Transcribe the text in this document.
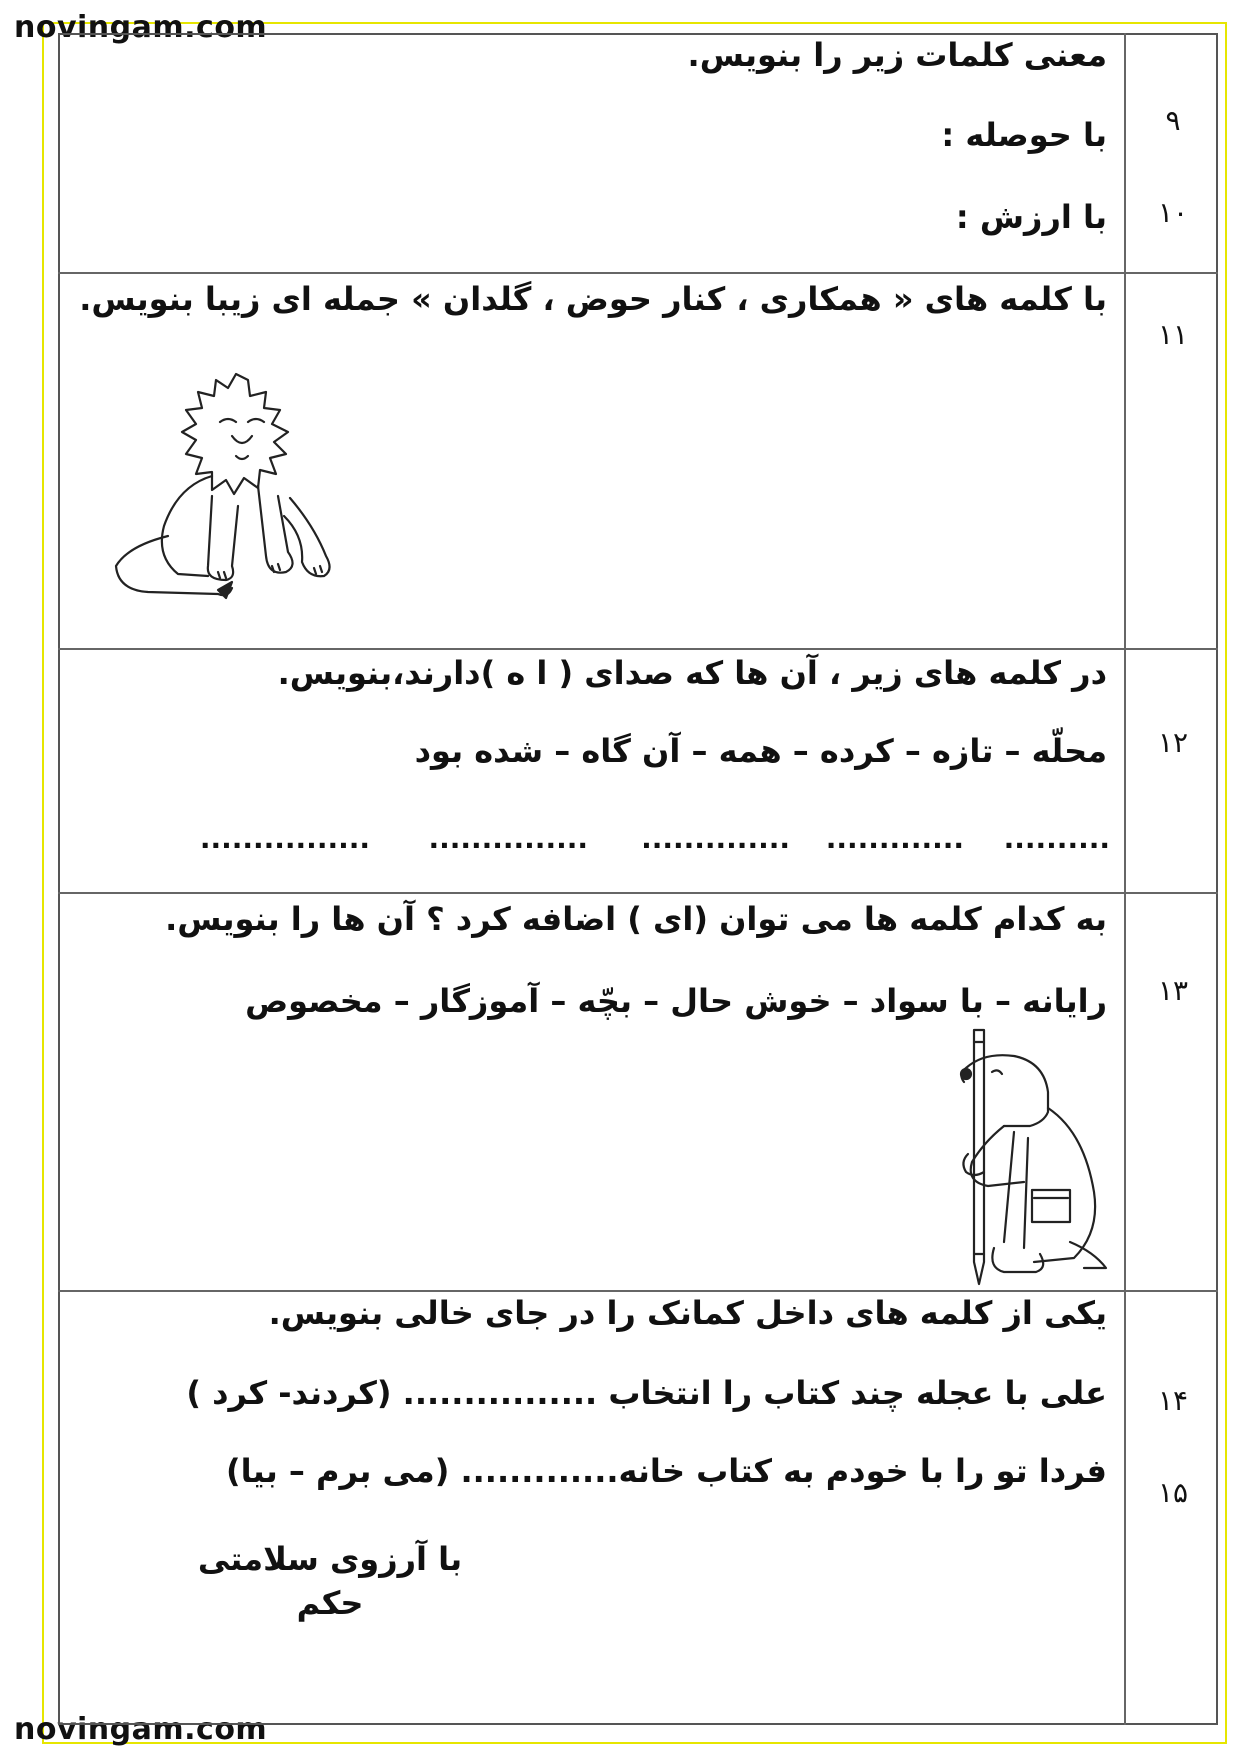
novingam.com
novingam.com
معنی کلمات زیر را بنویس.
با حوصله :
با ارزش :
۹
۱۰
با کلمه های « همکاری ، کنار حوض ، گلدان » جمله ای زیبا بنویس.
۱۱
در کلمه های زیر ، آن ها که صدای ( ا ه )دارند،بنویس.
محلّه – تازه – کرده – همه – آن گاه – شده بود	۱۲
..........
.............
..............
...............
................
به کدام کلمه ها می توان (ای ) اضافه کرد ؟ آن ها را بنویس.
رایانه – با سواد – خوش حال – بچّه – آموزگار – مخصوص	۱۳
یکی از کلمه های داخل کمانک را در جای خالی بنویس.
علی با عجله چند کتاب را انتخاب ................ (کردند- کرد )
فردا تو را با خودم به کتاب خانه............. (می برم – بیا)
۱۴
۱۵
با آرزوی سلامتی
حکم
